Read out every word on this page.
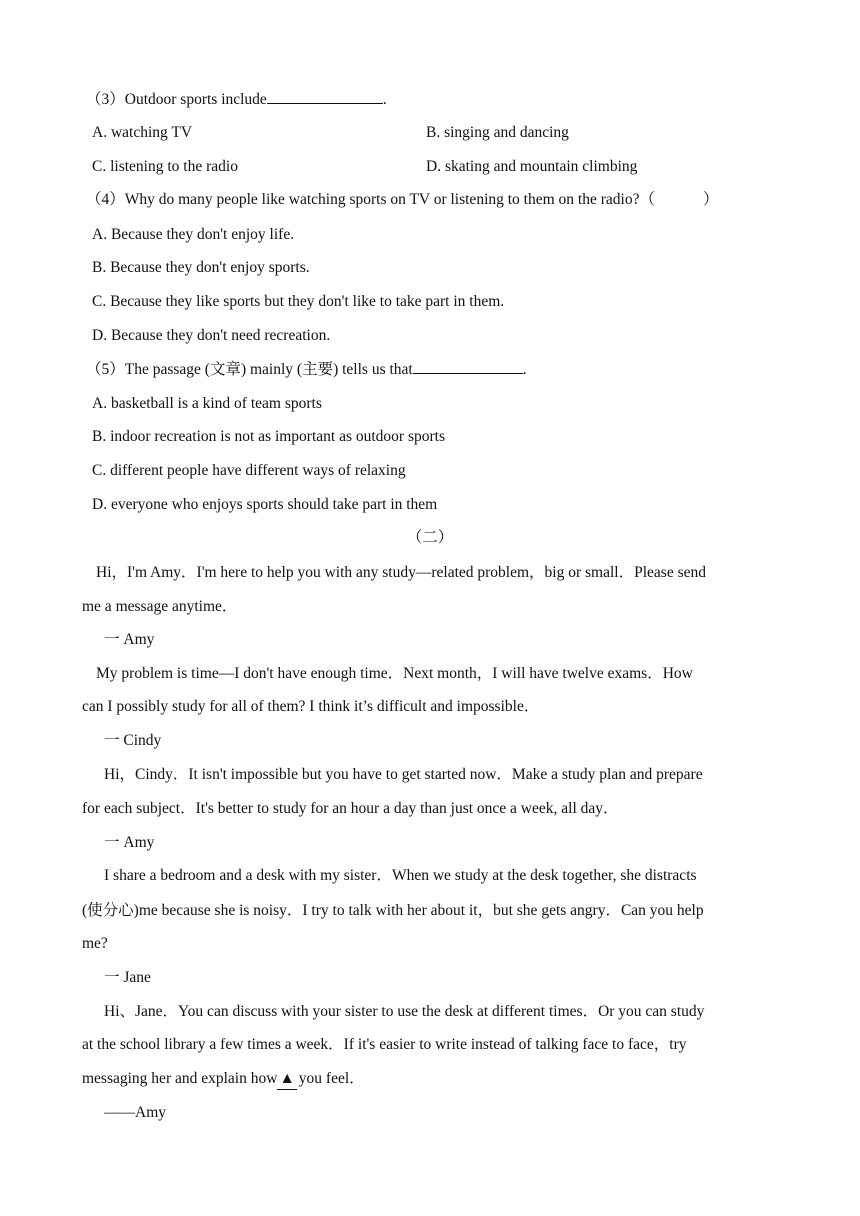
（3）Outdoor sports include	.
A. watching TV	B. singing and dancing
C. listening to the radio	D. skating and mountain climbing
（4）Why do many people like watching sports on TV or listening to them on the radio?（	）
A. Because they don't enjoy life.
B. Because they don't enjoy sports.
C. Because they like sports but they don't like to take part in them.
D. Because they don't need recreation.
（5）The passage (文章) mainly (主要) tells us that	.
A. basketball is a kind of team sports
B. indoor recreation is not as important as outdoor sports
C. different people have different ways of relaxing
D. everyone who enjoys sports should take part in them
（二）
Hi，I'm Amy．I'm here to help you with any study—related problem，big or small．Please send
me a message anytime．
一 Amy
My problem is time—I don't have enough time．Next month，I will have twelve exams．How
can I possibly study for all of them? I think it’s difficult and impossible．
一 Cindy
Hi，Cindy．It isn't impossible but you have to get started now．Make a study plan and prepare
for each subject．It's better to study for an hour a day than just once a week, all day．
一 Amy
I share a bedroom and a desk with my sister．When we study at the desk together, she distracts
(使分心)me because she is noisy．I try to talk with her about it，but she gets angry．Can you help
me?
一 Jane
Hi、Jane．You can discuss with your sister to use the desk at different times．Or you can study
at the school library a few times a week．If it's easier to write instead of talking face to face，try
messaging her and explain how ▲ you feel．
——Amy
